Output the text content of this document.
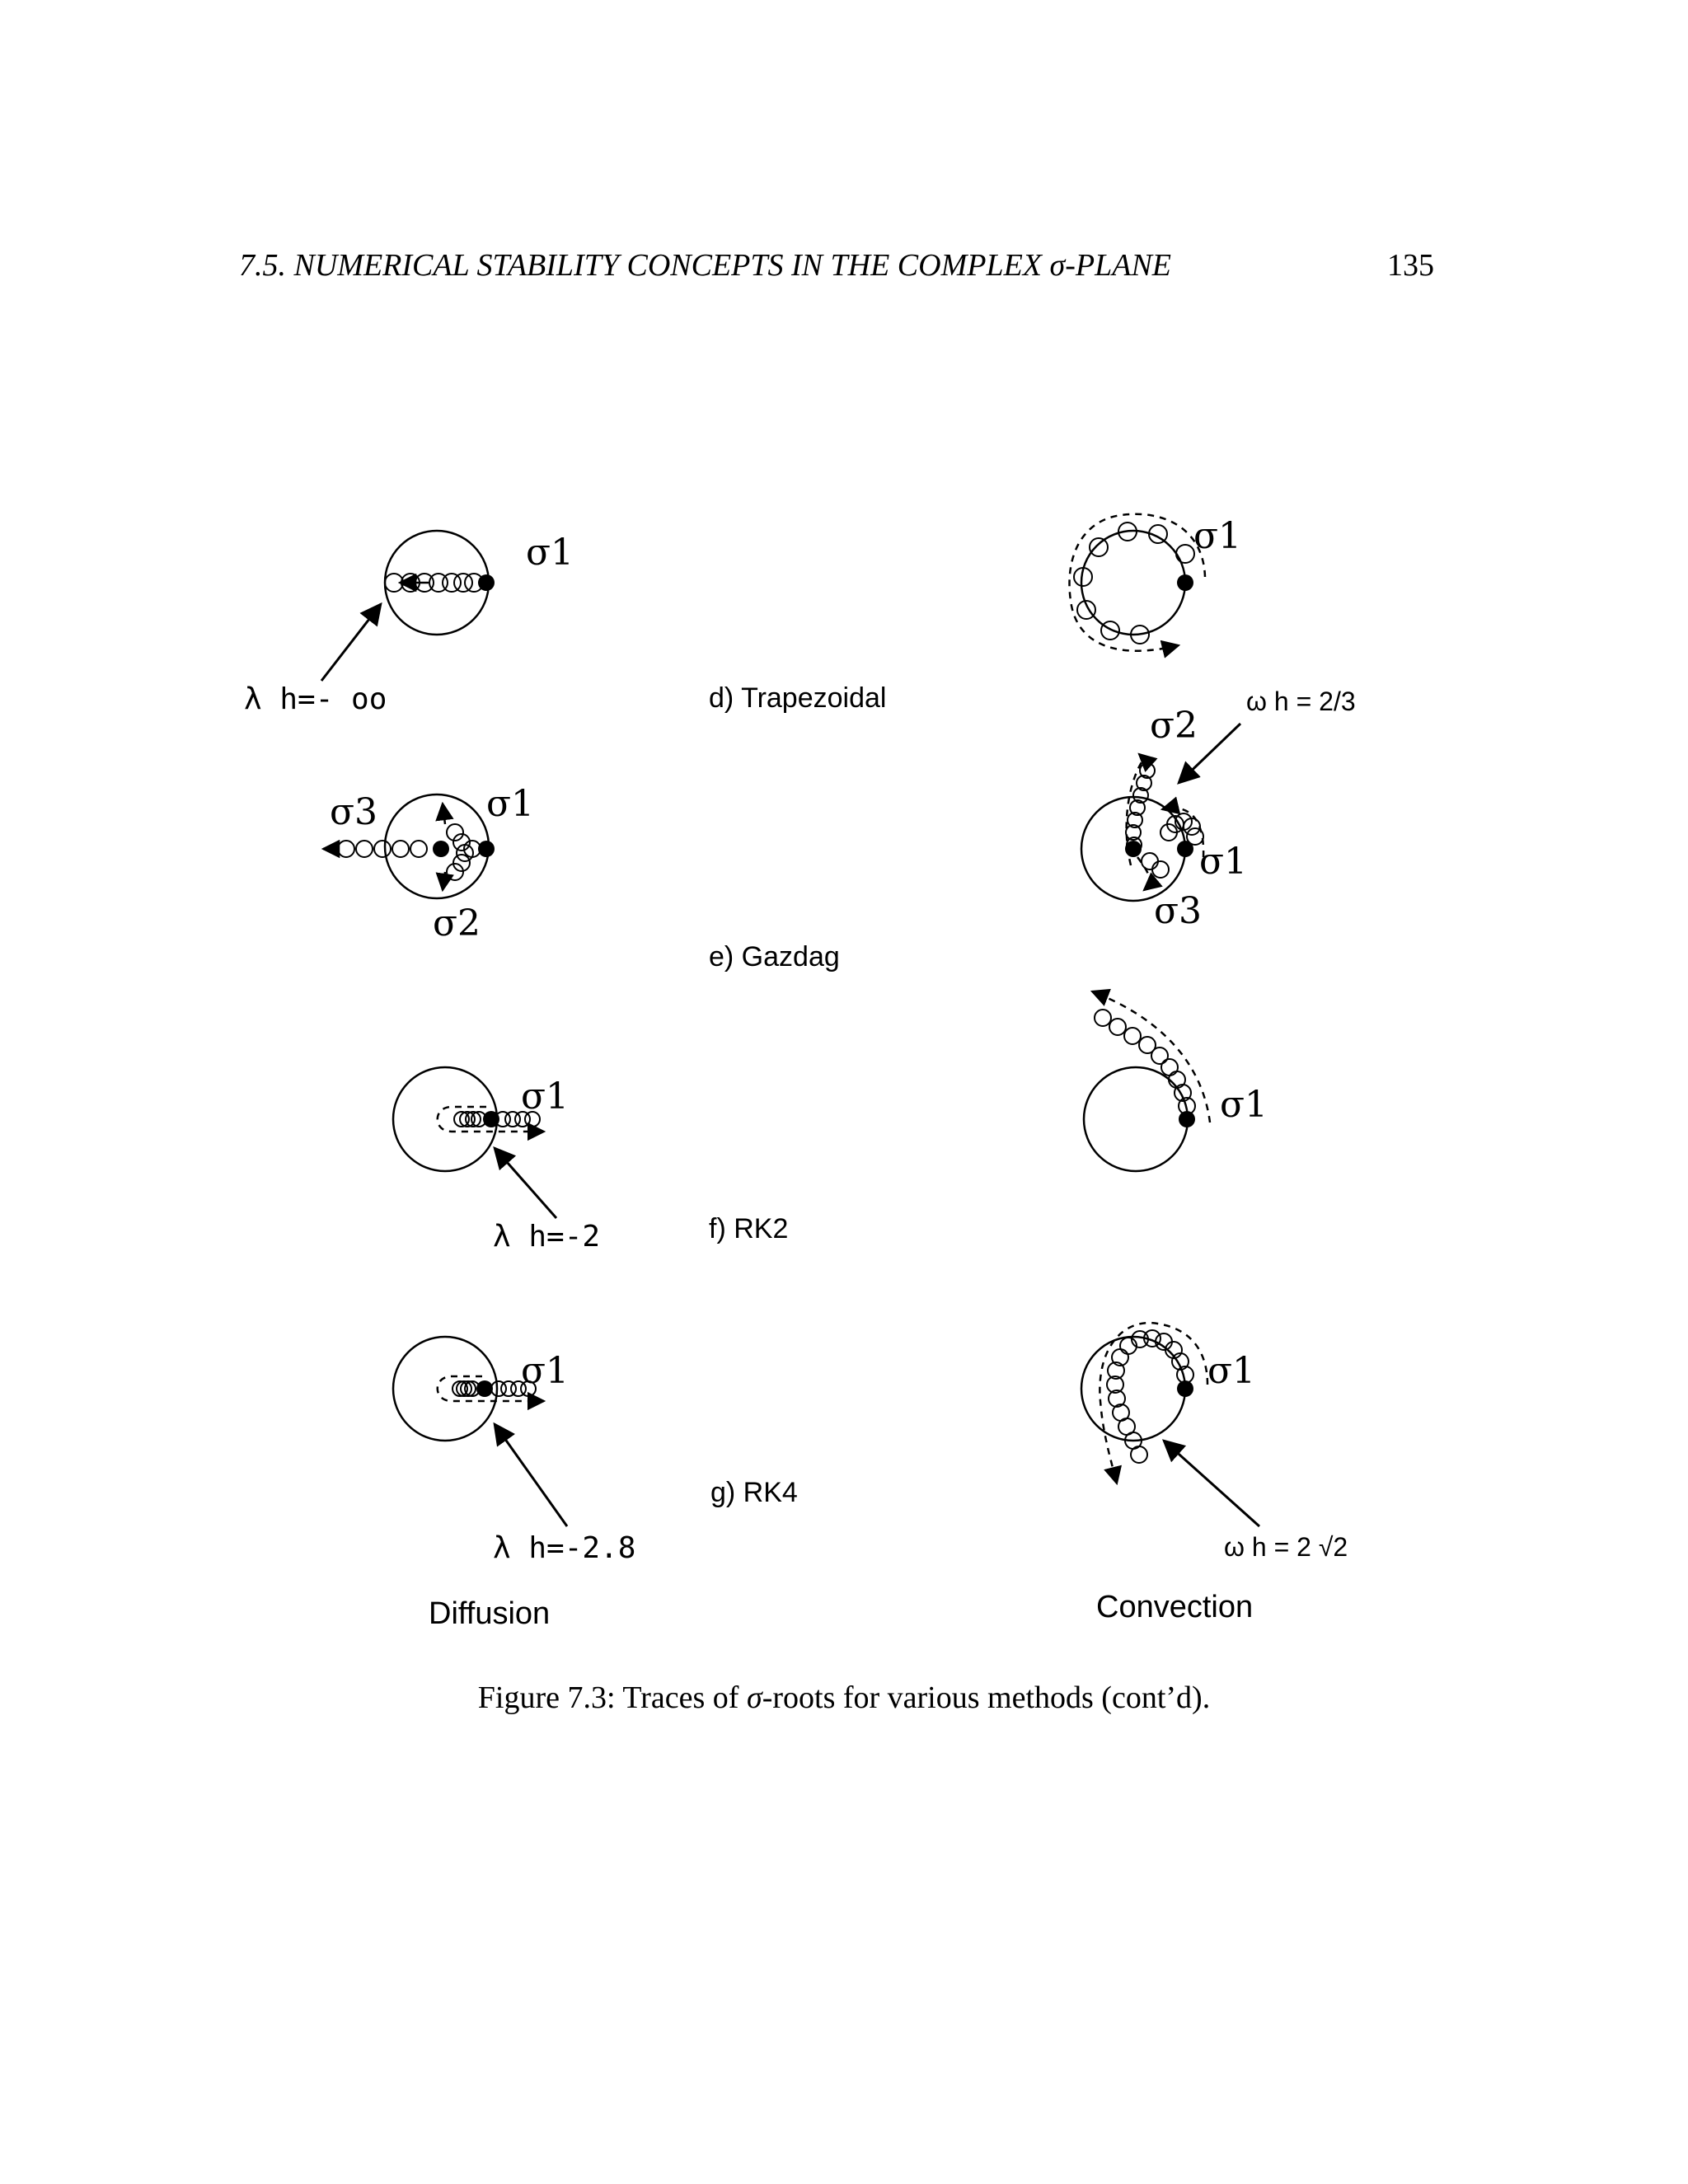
7.5. NUMERICAL STABILITY CONCEPTS IN THE COMPLEX σ-PLANE	135
σ1
λ h=- oo
σ1
d) Trapezoidal	ω h = 2/3
σ1
σ2
σ3
σ2
σ1
σ3
e) Gazdag
σ1
λ h=-2
σ1
f) RK2
σ1
λ h=-2.8
σ1
ω h = 2 √2
g) RK4
Diffusion	Convection
Figure 7.3: Traces of σ-roots for various methods (cont’d).
